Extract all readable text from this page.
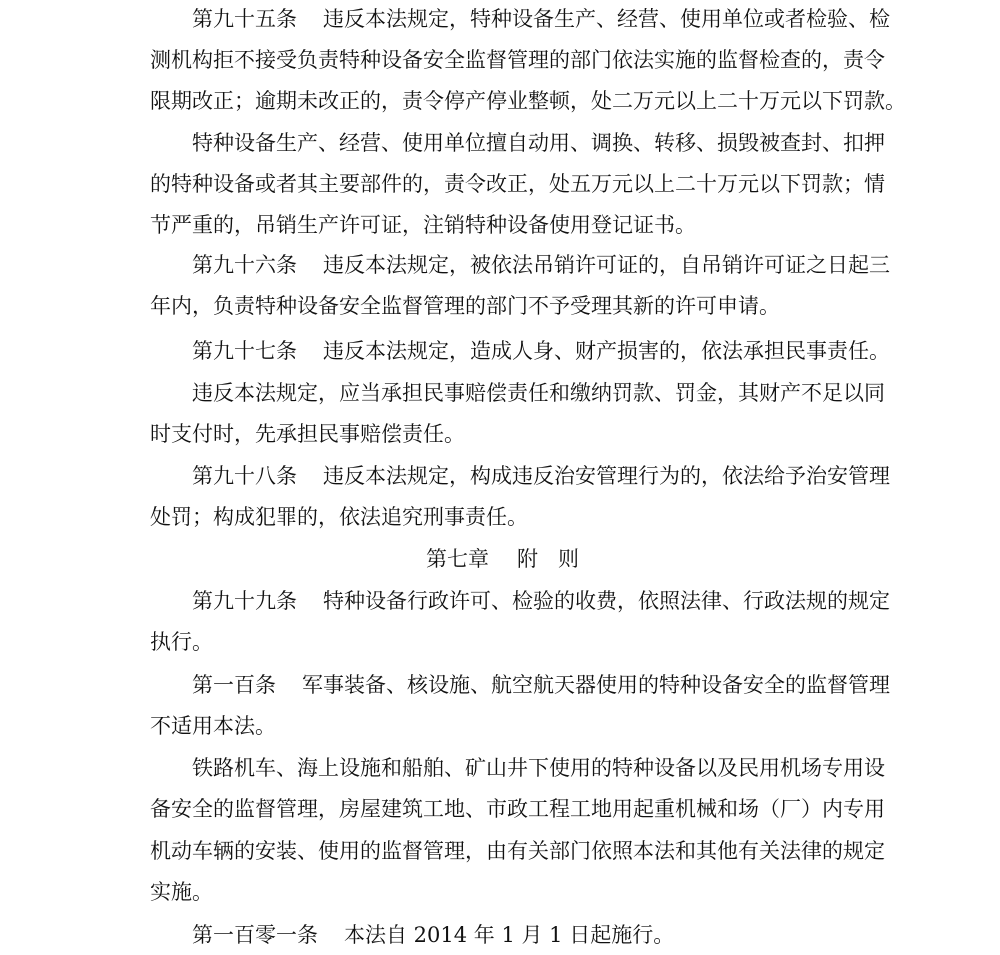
第九十五条 违反本法规定，特种设备生产、经营、使用单位或者检验、检
测机构拒不接受负责特种设备安全监督管理的部门依法实施的监督检查的，责令
限期改正；逾期未改正的，责令停产停业整顿，处二万元以上二十万元以下罚款。
特种设备生产、经营、使用单位擅自动用、调换、转移、损毁被查封、扣押
的特种设备或者其主要部件的，责令改正，处五万元以上二十万元以下罚款；情
节严重的，吊销生产许可证，注销特种设备使用登记证书。
第九十六条 违反本法规定，被依法吊销许可证的，自吊销许可证之日起三
年内，负责特种设备安全监督管理的部门不予受理其新的许可申请。
第九十七条 违反本法规定，造成人身、财产损害的，依法承担民事责任。
违反本法规定，应当承担民事赔偿责任和缴纳罚款、罚金，其财产不足以同
时支付时，先承担民事赔偿责任。
第九十八条 违反本法规定，构成违反治安管理行为的，依法给予治安管理
处罚；构成犯罪的，依法追究刑事责任。
第七章 附 则
第九十九条 特种设备行政许可、检验的收费，依照法律、行政法规的规定
执行。
第一百条 军事装备、核设施、航空航天器使用的特种设备安全的监督管理
不适用本法。
铁路机车、海上设施和船舶、矿山井下使用的特种设备以及民用机场专用设
备安全的监督管理，房屋建筑工地、市政工程工地用起重机械和场（厂）内专用
机动车辆的安装、使用的监督管理，由有关部门依照本法和其他有关法律的规定
实施。
第一百零一条 本法自 2014 年 1 月 1 日起施行。
